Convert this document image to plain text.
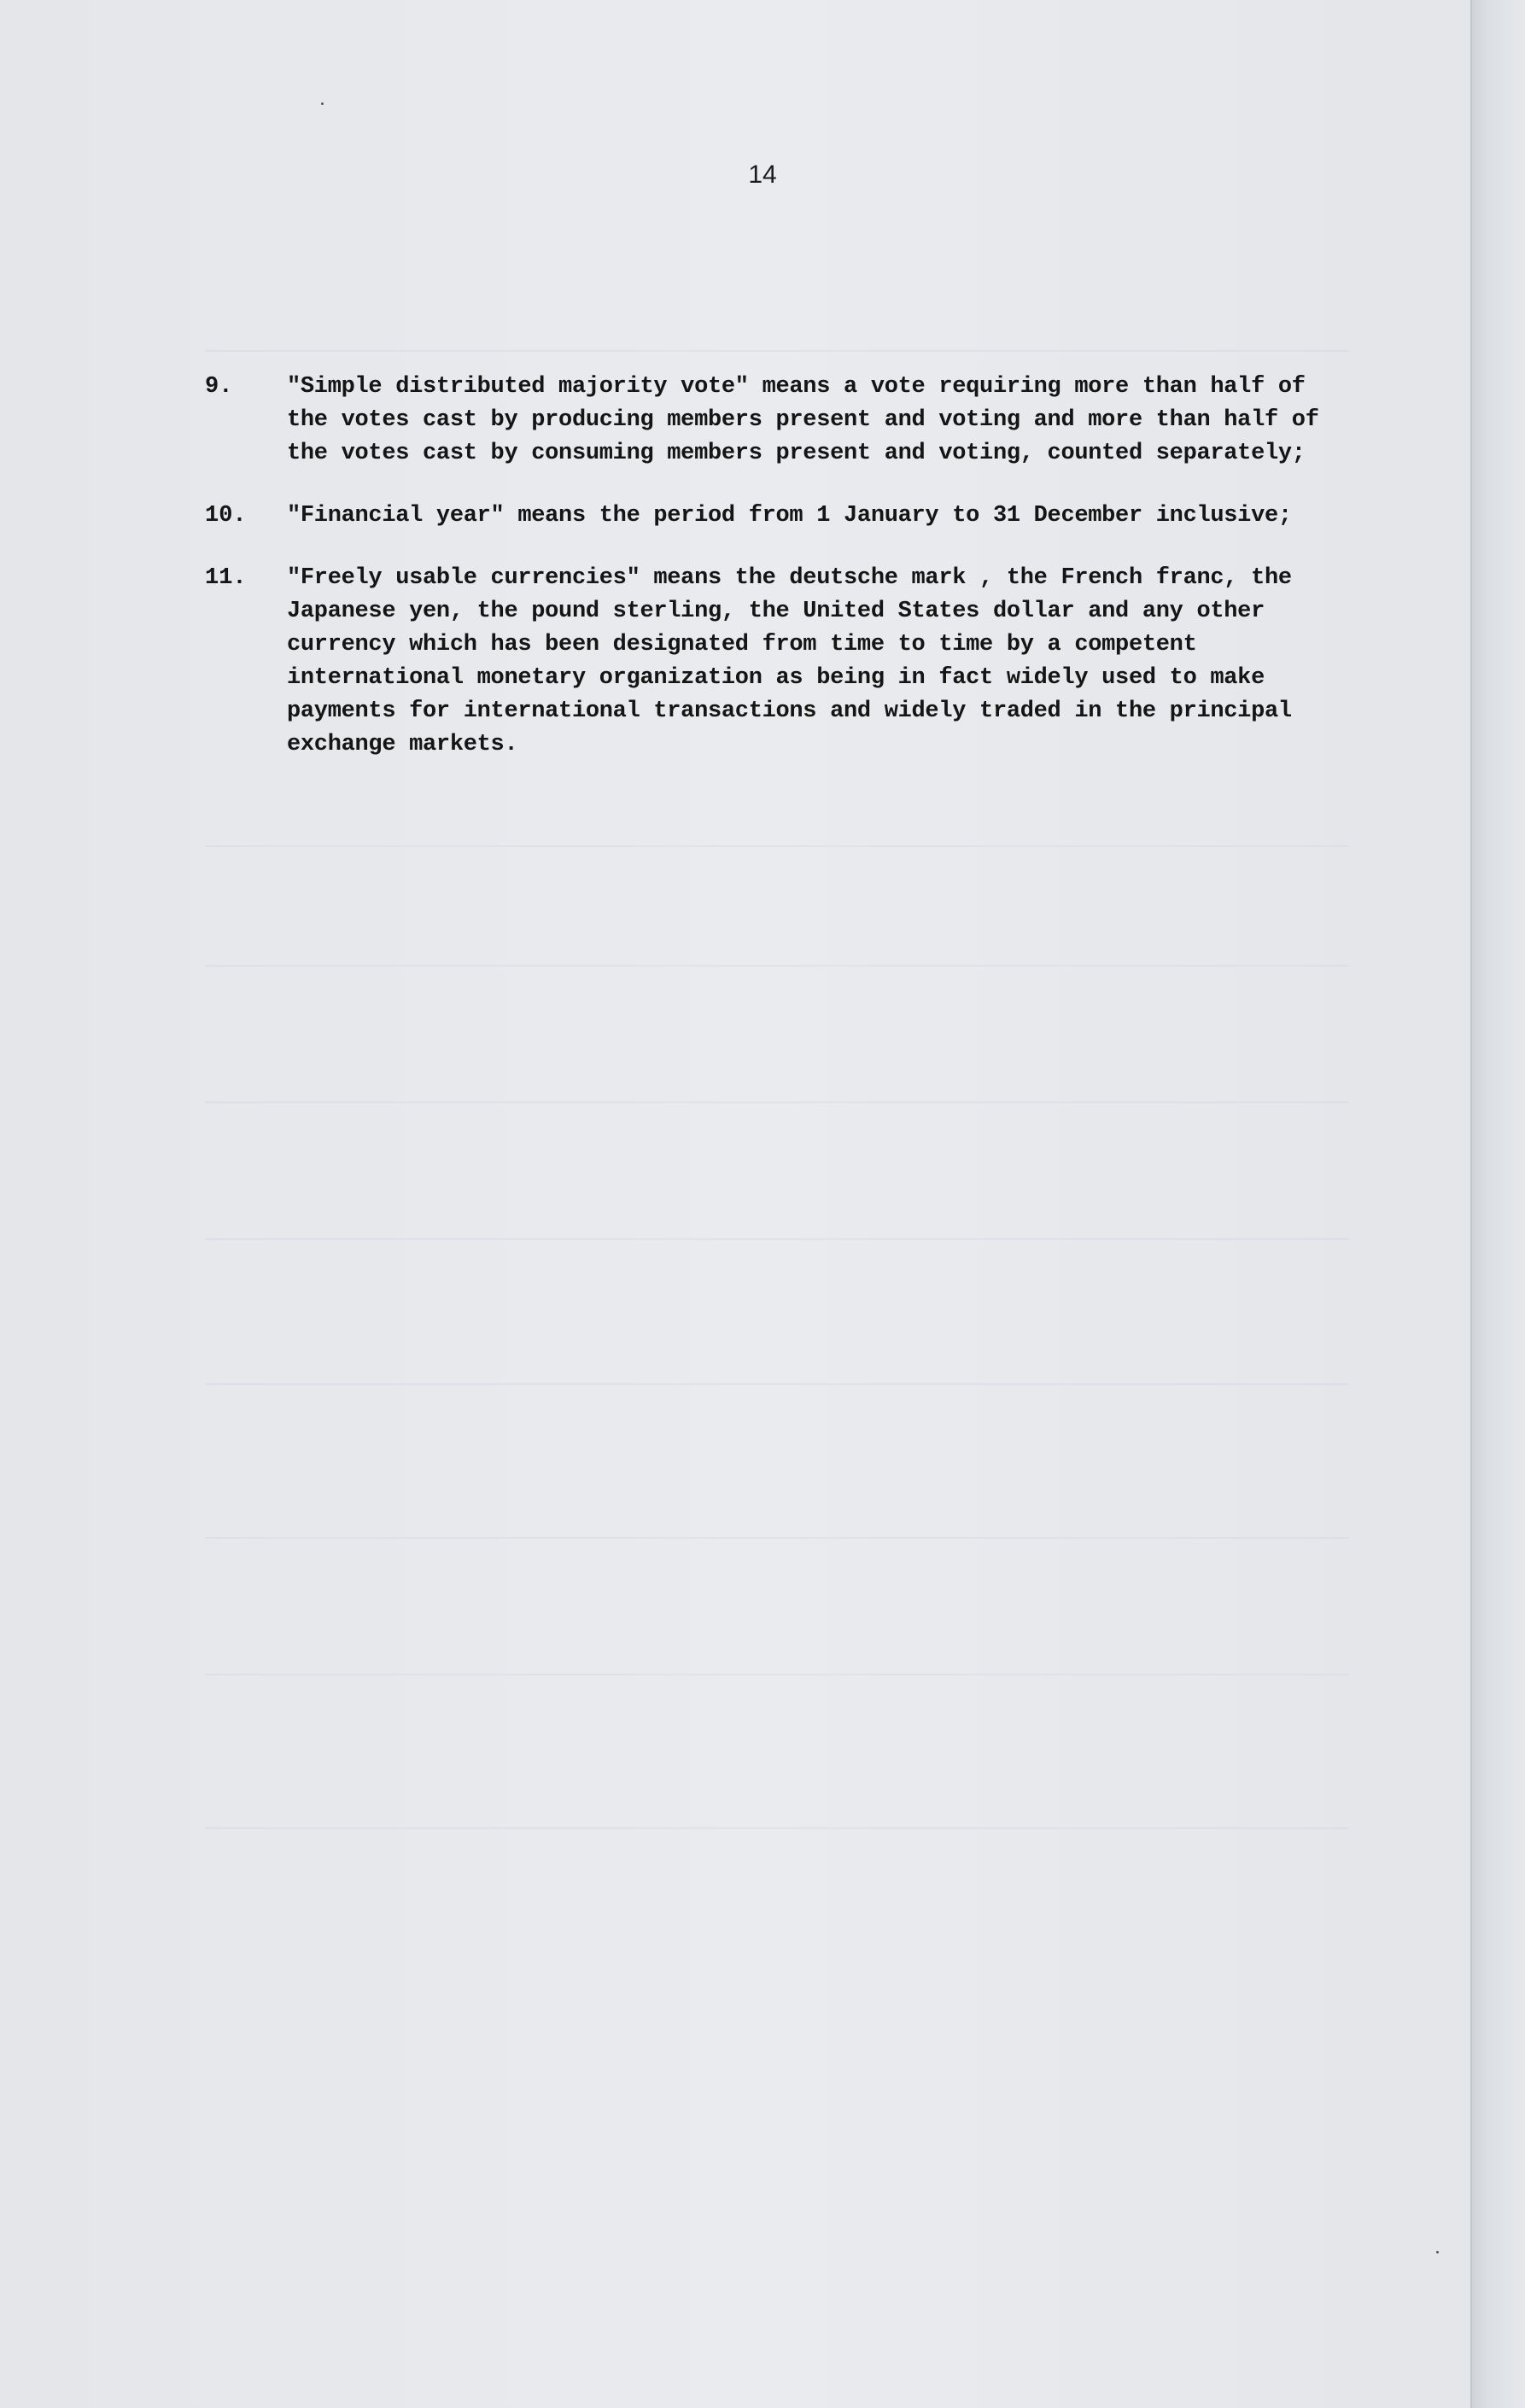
14
9.	"Simple distributed majority vote" means a vote requiring more than half of the votes cast by producing members present and voting and more than half of the votes cast by consuming members present and voting, counted separately;
10.	"Financial year" means the period from 1 January to 31 December inclusive;
11.	"Freely usable currencies" means the deutsche mark , the French franc, the Japanese yen, the pound sterling, the United States dollar and any other currency which has been designated from time to time by a competent international monetary organization as being in fact widely used to make payments for international transactions and widely traded in the principal exchange markets.
